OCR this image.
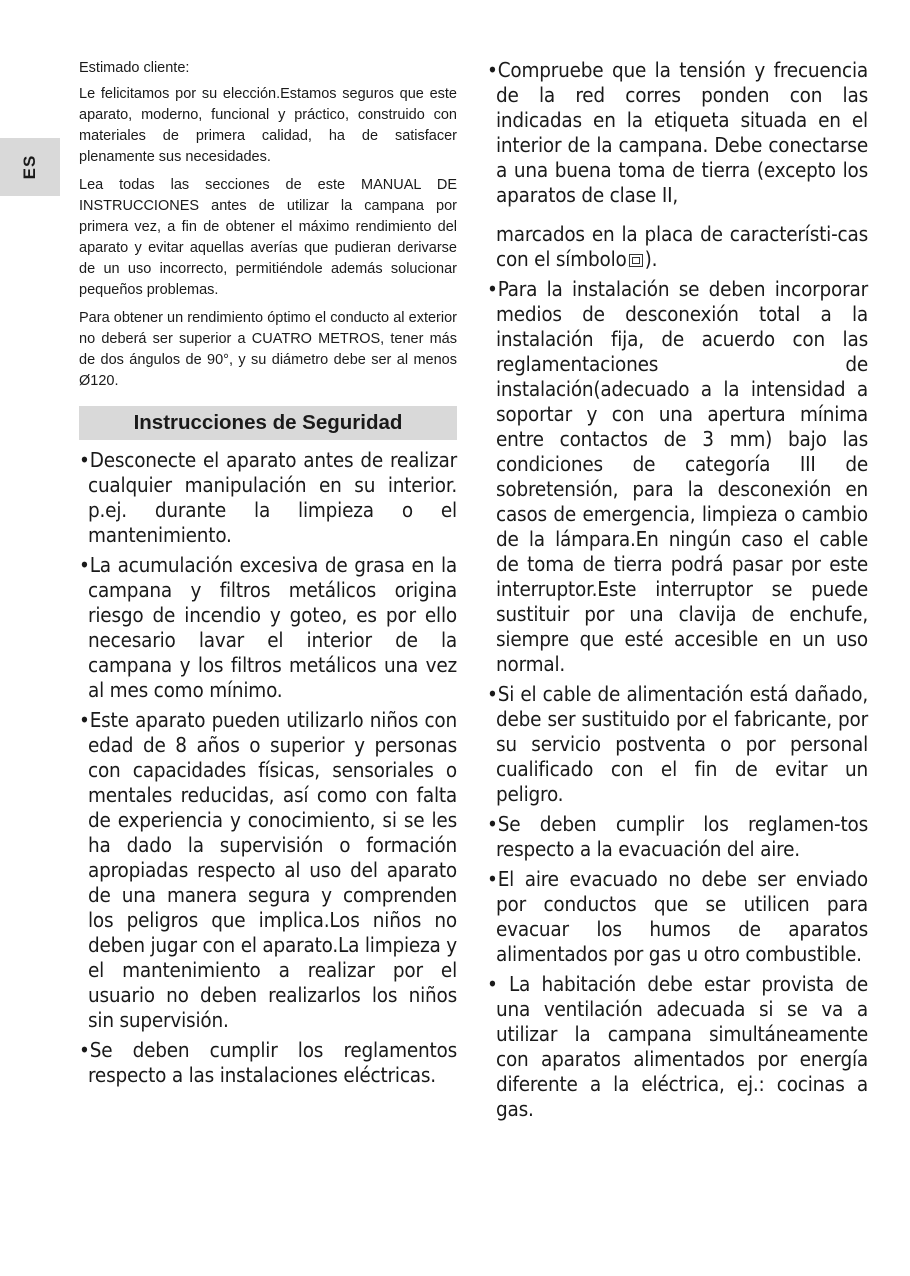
ES

Estimado cliente:

Le felicitamos por su elección.Estamos seguros que este aparato, moderno, funcional y práctico, construido con materiales de primera calidad, ha de satisfacer plenamente sus necesidades.

Lea todas las secciones de este MANUAL DE INSTRUCCIONES antes de utilizar la campana por primera vez, a fin de obtener el máximo rendimiento del aparato y evitar aquellas averías que pudieran derivarse de un uso incorrecto, permitiéndole además solucionar pequeños problemas.

Para obtener un rendimiento óptimo el conducto al exterior no deberá ser superior a CUATRO METROS, tener más de dos ángulos de 90°, y su diámetro debe ser al menos Ø120.

Instrucciones de Seguridad

•Desconecte el aparato antes de realizar cualquier manipulación en su interior. p.ej. durante la limpieza o el mantenimiento.

•La acumulación excesiva de grasa en la campana y filtros metálicos origina riesgo de incendio y goteo, es por ello necesario lavar el interior de la campana y los filtros metálicos una vez al mes como mínimo.

•Este aparato pueden utilizarlo niños con edad de 8 años o superior y personas con capacidades físicas, sensoriales o mentales reducidas, así como con falta de experiencia y conocimiento, si se les ha dado la supervisión o formación apropiadas respecto al uso del aparato de una manera segura y comprenden los peligros que implica.Los niños no deben jugar con el aparato.La limpieza y el mantenimiento a realizar por el usuario no deben realizarlos los niños sin supervisión.

•Se deben cumplir los reglamentos respecto a las instalaciones eléctricas.

•Compruebe que la tensión y frecuencia de la red corres ponden con las indicadas en la etiqueta situada en el interior de la campana. Debe conectarse a una buena toma de tierra (excepto los aparatos de clase II,

marcados en la placa de característi-cas con el símbolo ).

•Para la instalación se deben incorporar medios de desconexión total a la instalación fija, de acuerdo con las reglamentaciones de instalación(adecuado a la intensidad a soportar y con una apertura mínima entre contactos de 3 mm) bajo las condiciones de categoría III de sobretensión, para la desconexión en casos de emergencia, limpieza o cambio de la lámpara.En ningún caso el cable de toma de tierra podrá pasar por este interruptor.Este interruptor se puede sustituir por una clavija de enchufe, siempre que esté accesible en un uso normal.

•Si el cable de alimentación está dañado, debe ser sustituido por el fabricante, por su servicio postventa o por personal cualificado con el fin de evitar un peligro.

•Se deben cumplir los reglamen-tos respecto a la evacuación del aire.

•El aire evacuado no debe ser enviado por conductos que se utilicen para evacuar los humos de aparatos alimentados por gas u otro combustible.

• La habitación debe estar provista de una ventilación adecuada si se va a utilizar la campana simultáneamente con aparatos alimentados por energía diferente a la eléctrica, ej.: cocinas a gas.
